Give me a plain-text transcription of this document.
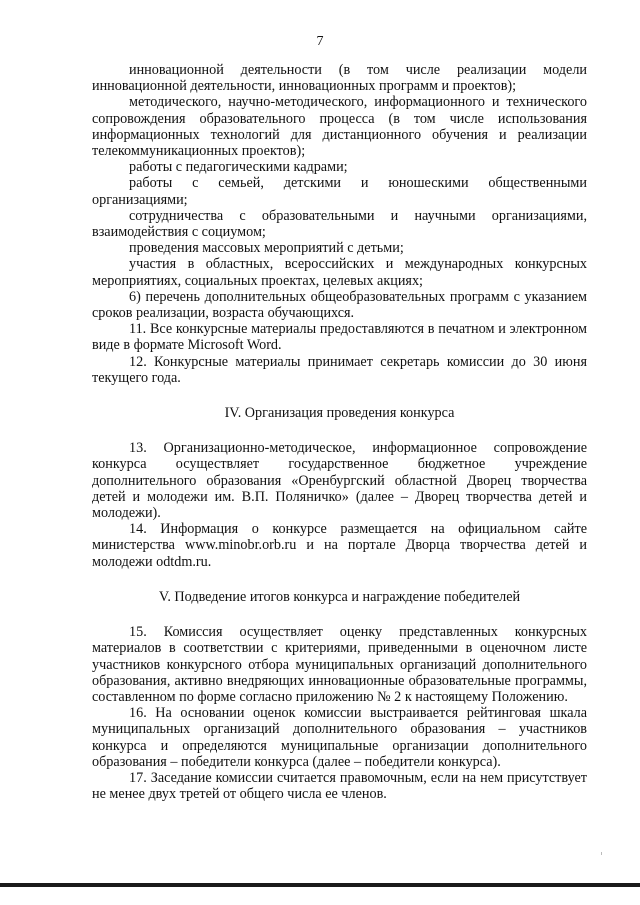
7

инновационной деятельности (в том числе реализации модели инновационной деятельности, инновационных программ и проектов);

методического, научно-методического, информационного и технического сопровождения образовательного процесса (в том числе использования информационных технологий для дистанционного обучения и реализации телекоммуникационных проектов);

работы с педагогическими кадрами;

работы с семьей, детскими и юношескими общественными организациями;

сотрудничества с образовательными и научными организациями, взаимодействия с социумом;

проведения массовых мероприятий с детьми;

участия в областных, всероссийских и международных конкурсных мероприятиях, социальных проектах, целевых акциях;

6) перечень дополнительных общеобразовательных программ с указанием сроков реализации, возраста обучающихся.

11. Все конкурсные материалы предоставляются в печатном и электронном виде в формате Microsoft Word.

12. Конкурсные материалы принимает секретарь комиссии до 30 июня текущего года.

IV. Организация проведения конкурса

13. Организационно-методическое, информационное сопровождение конкурса осуществляет государственное бюджетное учреждение дополнительного образования «Оренбургский областной Дворец творчества детей и молодежи им. В.П. Поляничко» (далее – Дворец творчества детей и молодежи).

14. Информация о конкурсе размещается на официальном сайте министерства www.minobr.orb.ru и на портале Дворца творчества детей и молодежи odtdm.ru.

V. Подведение итогов конкурса и награждение победителей

15. Комиссия осуществляет оценку представленных конкурсных материалов в соответствии с критериями, приведенными в оценочном листе участников конкурсного отбора муниципальных организаций дополнительного образования, активно внедряющих инновационные образовательные программы, составленном по форме согласно приложению № 2 к настоящему Положению.

16. На основании оценок комиссии выстраивается рейтинговая шкала муниципальных организаций дополнительного образования – участников конкурса и определяются муниципальные организации дополнительного образования – победители конкурса (далее – победители конкурса).

17. Заседание комиссии считается правомочным, если на нем присутствует не менее двух третей от общего числа ее членов.
